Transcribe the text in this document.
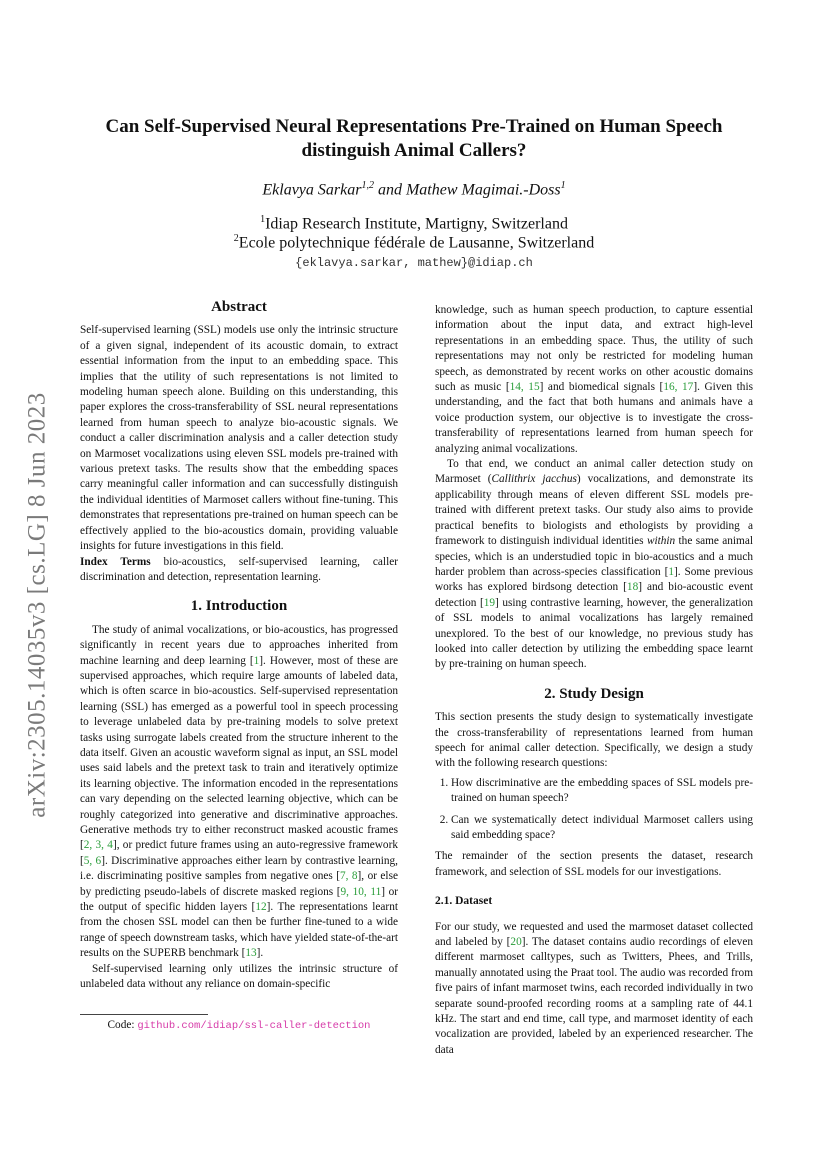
arXiv:2305.14035v3 [cs.LG] 8 Jun 2023
Can Self-Supervised Neural Representations Pre-Trained on Human Speech
distinguish Animal Callers?
Eklavya Sarkar$^{1,2}$ and Mathew Magimai.-Doss$^1$
$^1$Idiap Research Institute, Martigny, Switzerland
$^2$Ecole polytechnique fédérale de Lausanne, Switzerland
{eklavya.sarkar, mathew}@idiap.ch
Abstract

Self-supervised learning (SSL) models use only the intrinsic structure of a given signal, independent of its acoustic domain, to extract essential information from the input to an embedding space. This implies that the utility of such representations is not limited to modeling human speech alone. Building on this understanding, this paper explores the cross-transferability of SSL neural representations learned from human speech to analyze bio-acoustic signals. We conduct a caller discrimination analysis and a caller detection study on Marmoset vocalizations using eleven SSL models pre-trained with various pretext tasks. The results show that the embedding spaces carry meaningful caller information and can successfully distinguish the individual identities of Marmoset callers without fine-tuning. This demonstrates that representations pre-trained on human speech can be effectively applied to the bio-acoustics domain, providing valuable insights for future investigations in this field.

Index Terms bio-acoustics, self-supervised learning, caller discrimination and detection, representation learning.

1. Introduction

The study of animal vocalizations, or bio-acoustics, has progressed significantly in recent years due to approaches inherited from machine learning and deep learning [1]. However, most of these are supervised approaches, which require large amounts of labeled data, which is often scarce in bio-acoustics. Self-supervised representation learning (SSL) has emerged as a powerful tool in speech processing to leverage unlabeled data by pre-training models to solve pretext tasks using surrogate labels created from the structure inherent to the data itself. Given an acoustic waveform signal as input, an SSL model uses said labels and the pretext task to train and iteratively optimize its learning objective. The information encoded in the representations can vary depending on the selected learning objective, which can be roughly categorized into generative and discriminative approaches. Generative methods try to either reconstruct masked acoustic frames [2, 3, 4], or predict future frames using an auto-regressive framework [5, 6]. Discriminative approaches either learn by contrastive learning, i.e. discriminating positive samples from negative ones [7, 8], or else by predicting pseudo-labels of discrete masked regions [9, 10, 11] or the output of specific hidden layers [12]. The representations learnt from the chosen SSL model can then be further fine-tuned to a wide range of speech downstream tasks, which have yielded state-of-the-art results on the SUPERB benchmark [13].

Self-supervised learning only utilizes the intrinsic structure of unlabeled data without any reliance on domain-specific

Code: github.com/idiap/ssl-caller-detection

knowledge, such as human speech production, to capture essential information about the input data, and extract high-level representations in an embedding space. Thus, the utility of such representations may not only be restricted for modeling human speech, as demonstrated by recent works on other acoustic domains such as music [14, 15] and biomedical signals [16, 17]. Given this understanding, and the fact that both humans and animals have a voice production system, our objective is to investigate the cross-transferability of representations learned from human speech for analyzing animal vocalizations.

To that end, we conduct an animal caller detection study on Marmoset (Callithrix jacchus) vocalizations, and demonstrate its applicability through means of eleven different SSL models pre-trained with different pretext tasks. Our study also aims to provide practical benefits to biologists and ethologists by providing a framework to distinguish individual identities within the same animal species, which is an understudied topic in bio-acoustics and a much harder problem than across-species classification [1]. Some previous works has explored birdsong detection [18] and bio-acoustic event detection [19] using contrastive learning, however, the generalization of SSL models to animal vocalizations has largely remained unexplored. To the best of our knowledge, no previous study has looked into caller detection by utilizing the embedding space learnt by pre-training on human speech.

2. Study Design

This section presents the study design to systematically investigate the cross-transferability of representations learned from human speech for animal caller detection. Specifically, we design a study with the following research questions:

1. How discriminative are the embedding spaces of SSL models pre-trained on human speech?
2. Can we systematically detect individual Marmoset callers using said embedding space?

The remainder of the section presents the dataset, research framework, and selection of SSL models for our investigations.

2.1. Dataset

For our study, we requested and used the marmoset dataset collected and labeled by [20]. The dataset contains audio recordings of eleven different marmoset calltypes, such as Twitters, Phees, and Trills, manually annotated using the Praat tool. The audio was recorded from five pairs of infant marmoset twins, each recorded individually in two separate sound-proofed recording rooms at a sampling rate of 44.1 kHz. The start and end time, call type, and marmoset identity of each vocalization are provided, labeled by an experienced researcher. The data
